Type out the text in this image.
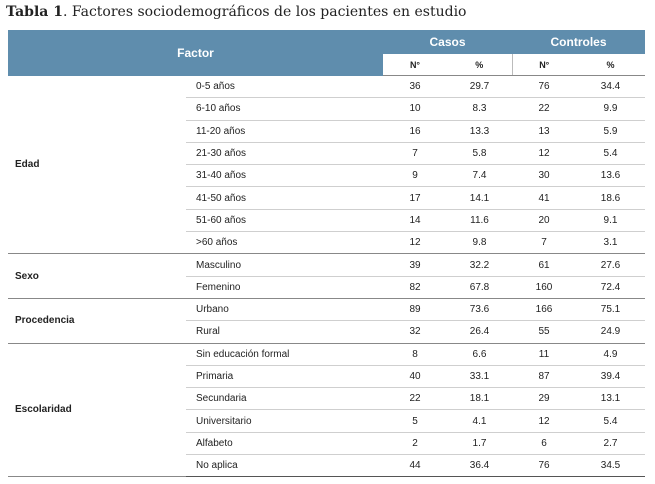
Tabla 1. Factores sociodemográficos de los pacientes en estudio
Factor		Casos		Controles	
		N°	%	N°	%
Edad	0-5 años	36	29.7	76	34.4
	6-10 años	10	8.3	22	9.9
	11-20 años	16	13.3	13	5.9
	21-30 años	7	5.8	12	5.4
	31-40 años	9	7.4	30	13.6
	41-50 años	17	14.1	41	18.6
	51-60 años	14	11.6	20	9.1
	>60 años	12	9.8	7	3.1
Sexo	Masculino	39	32.2	61	27.6
	Femenino	82	67.8	160	72.4
Procedencia	Urbano	89	73.6	166	75.1
	Rural	32	26.4	55	24.9
Escolaridad	Sin educación formal	8	6.6	11	4.9
	Primaria	40	33.1	87	39.4
	Secundaria	22	18.1	29	13.1
	Universitario	5	4.1	12	5.4
	Alfabeto	2	1.7	6	2.7
	No aplica	44	36.4	76	34.5
